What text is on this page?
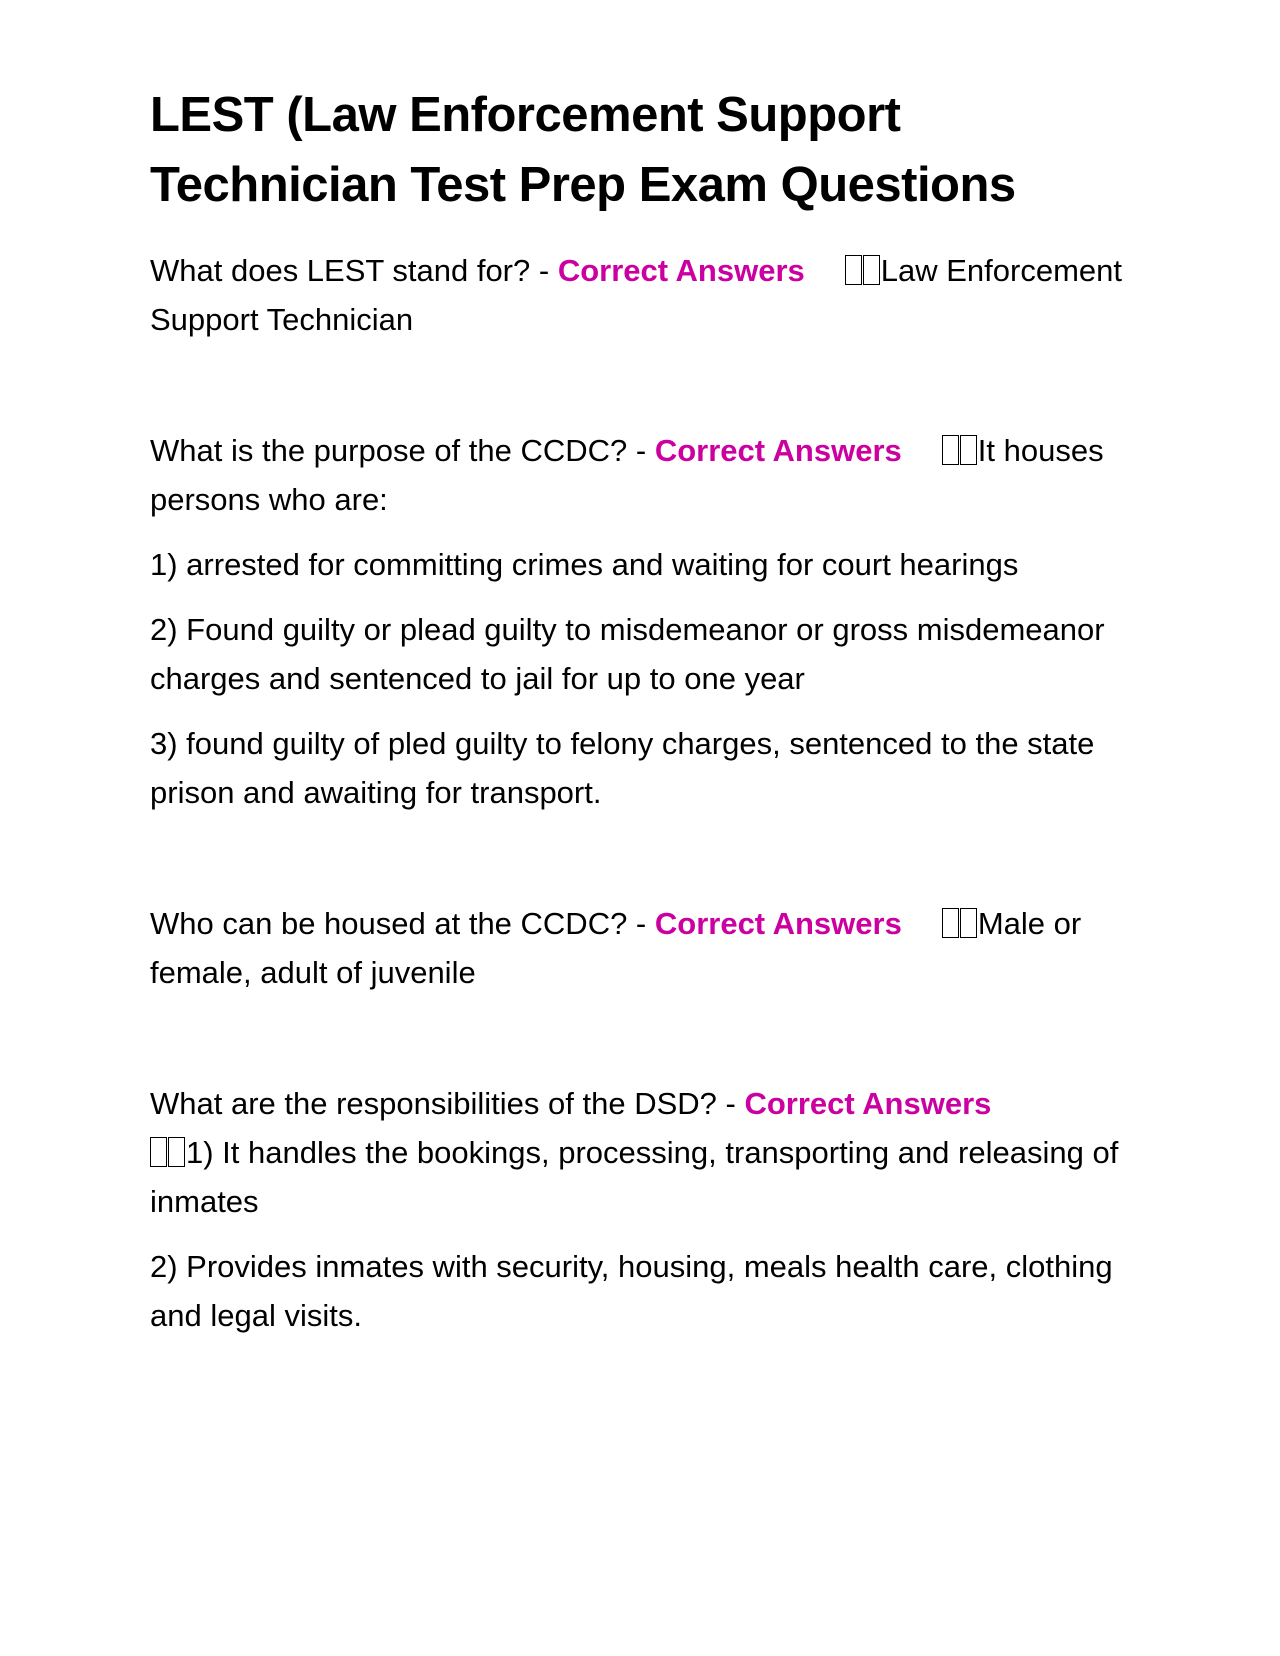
LEST (Law Enforcement Support Technician Test Prep Exam Questions

What does LEST stand for? - Correct Answers Law Enforcement Support Technician

What is the purpose of the CCDC? - Correct Answers It houses persons who are:

1) arrested for committing crimes and waiting for court hearings

2) Found guilty or plead guilty to misdemeanor or gross misdemeanor charges and sentenced to jail for up to one year

3) found guilty of pled guilty to felony charges, sentenced to the state prison and awaiting for transport.

Who can be housed at the CCDC? - Correct Answers Male or female, adult of juvenile

What are the responsibilities of the DSD? - Correct Answers
1) It handles the bookings, processing, transporting and releasing of inmates

2) Provides inmates with security, housing, meals health care, clothing and legal visits.
